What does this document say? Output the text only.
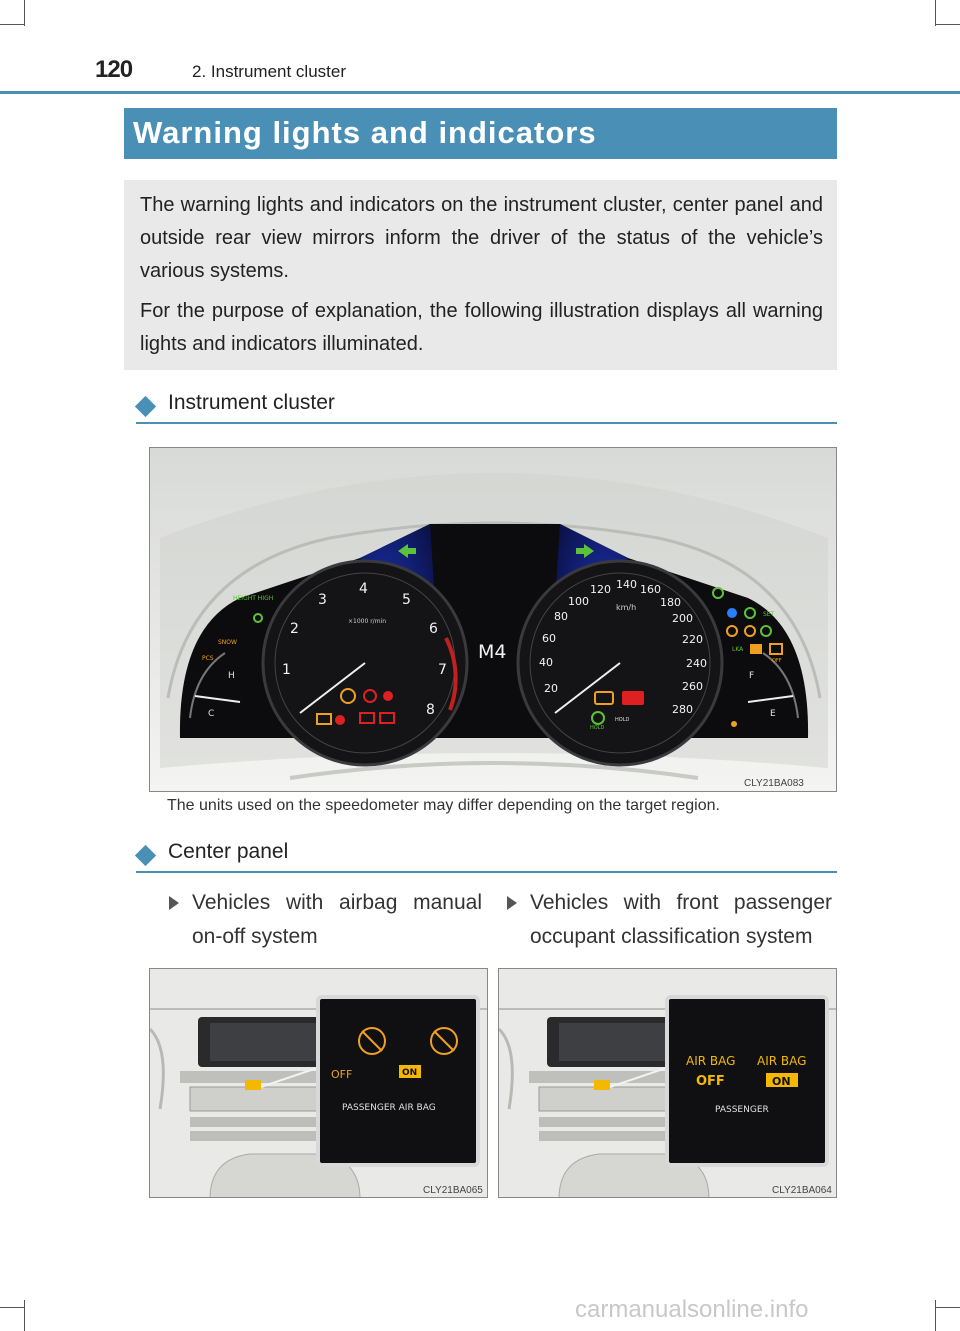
120	2. Instrument cluster
Warning lights and indicators

The warning lights and indicators on the instrument cluster, center panel and outside rear view mirrors inform the driver of the status of the vehicle’s various systems.

For the purpose of explanation, the following illustration displays all warning lights and indicators illuminated.

Instrument cluster
1
2
3
4
5
6
7
8
×1000 r/min
M4
20
40
60
80
100
120 140 160
180
200
220
240
260
280
km/h
HEIGHT HIGH
SNOW
PCS
H
C
SET
LKA
OFF
F
E
HOLD
HOLD
CLY21BA083
The units used on the speedometer may differ depending on the target region.
Center panel
Vehicles with airbag manual on-off system
Vehicles with front passenger occupant classification system
OFF	ON
PASSENGER AIR BAG
CLY21BA065
AIR BAG AIR BAG
OFF	ON
PASSENGER
CLY21BA064
carmanualsonline.info
